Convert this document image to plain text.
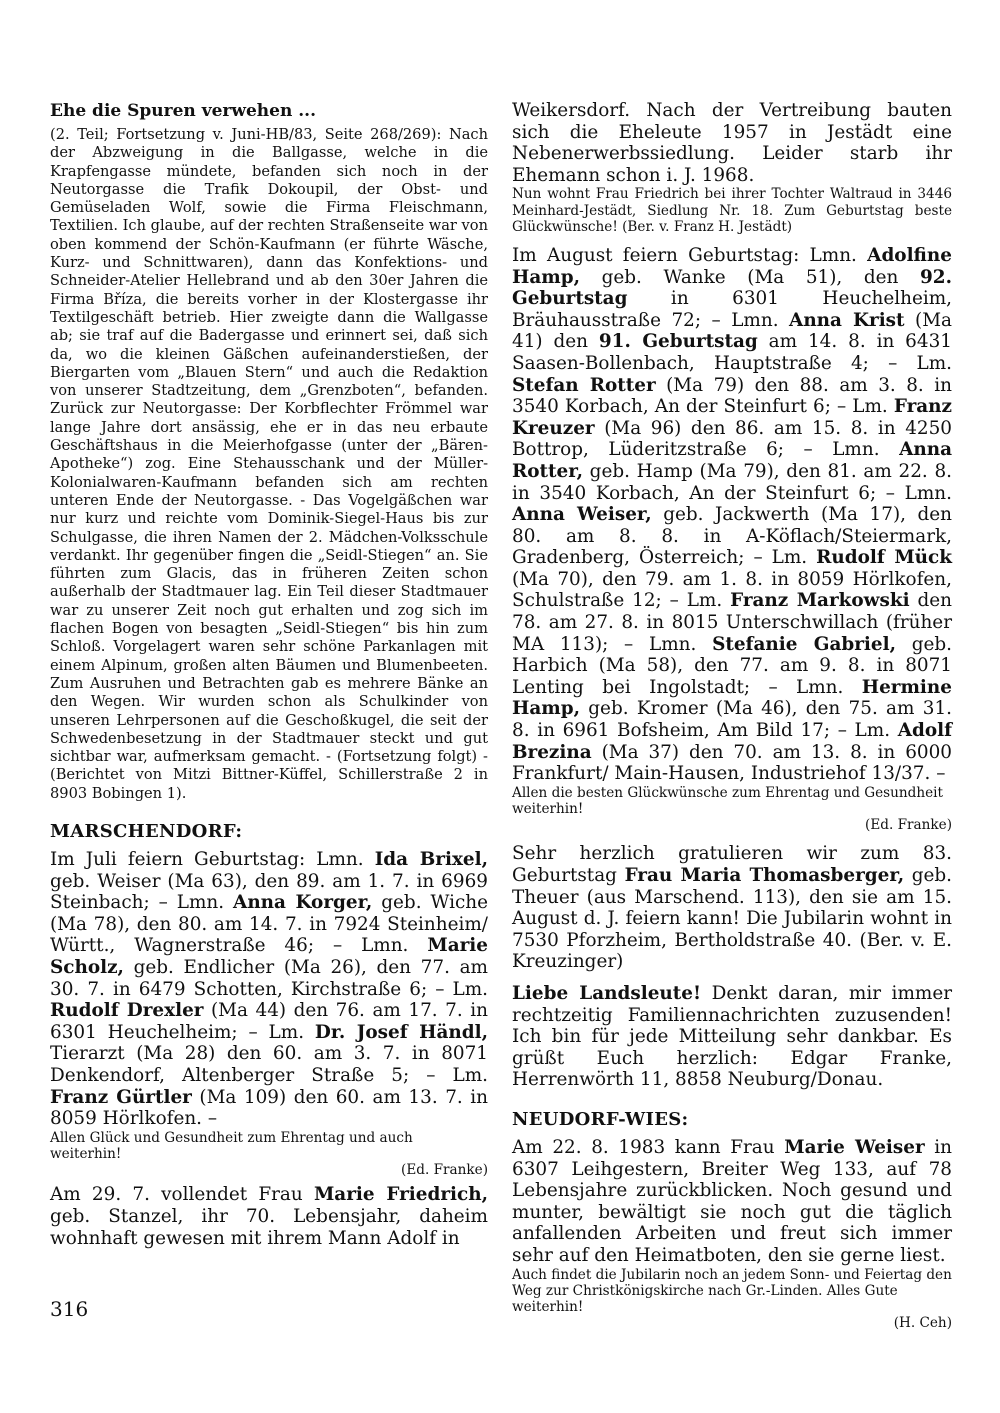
Ehe die Spuren verwehen ...

(2. Teil; Fortsetzung v. Juni-HB/83, Seite 268/269): Nach der Abzweigung in die Ballgasse, welche in die Krapfengasse mündete, befanden sich noch in der Neutorgasse die Trafik Dokoupil, der Obst- und Gemüseladen Wolf, sowie die Firma Fleischmann, Textilien. Ich glaube, auf der rechten Straßenseite war von oben kommend der Schön-Kaufmann (er führte Wäsche, Kurz- und Schnittwaren), dann das Konfektions- und Schneider-Atelier Hellebrand und ab den 30er Jahren die Firma Bříza, die bereits vorher in der Klostergasse ihr Textilgeschäft betrieb. Hier zweigte dann die Wallgasse ab; sie traf auf die Badergasse und erinnert sei, daß sich da, wo die kleinen Gäßchen aufeinanderstießen, der Biergarten vom „Blauen Stern“ und auch die Redaktion von unserer Stadtzeitung, dem „Grenzboten“, befanden. Zurück zur Neutorgasse: Der Korbflechter Frömmel war lange Jahre dort ansässig, ehe er in das neu erbaute Geschäftshaus in die Meierhofgasse (unter der „Bären-Apotheke“) zog. Eine Stehausschank und der Müller-Kolonialwaren-Kaufmann befanden sich am rechten unteren Ende der Neutorgasse. - Das Vogelgäßchen war nur kurz und reichte vom Dominik-Siegel-Haus bis zur Schulgasse, die ihren Namen der 2. Mädchen-Volksschule verdankt. Ihr gegenüber fingen die „Seidl-Stiegen“ an. Sie führten zum Glacis, das in früheren Zeiten schon außerhalb der Stadtmauer lag. Ein Teil dieser Stadtmauer war zu unserer Zeit noch gut erhalten und zog sich im flachen Bogen von besagten „Seidl-Stiegen“ bis hin zum Schloß. Vorgelagert waren sehr schöne Parkanlagen mit einem Alpinum, großen alten Bäumen und Blumenbeeten. Zum Ausruhen und Betrachten gab es mehrere Bänke an den Wegen. Wir wurden schon als Schulkinder von unseren Lehrpersonen auf die Geschoßkugel, die seit der Schwedenbesetzung in der Stadtmauer steckt und gut sichtbar war, aufmerksam gemacht. - (Fortsetzung folgt) - (Berichtet von Mitzi Bittner-Küffel, Schillerstraße 2 in 8903 Bobingen 1).

MARSCHENDORF:

Im Juli feiern Geburtstag: Lmn. Ida Brixel, geb. Weiser (Ma 63), den 89. am 1. 7. in 6969 Steinbach; – Lmn. Anna Korger, geb. Wiche (Ma 78), den 80. am 14. 7. in 7924 Steinheim/ Württ., Wagnerstraße 46; – Lmn. Marie Scholz, geb. Endlicher (Ma 26), den 77. am 30. 7. in 6479 Schotten, Kirchstraße 6; – Lm. Rudolf Drexler (Ma 44) den 76. am 17. 7. in 6301 Heuchelheim; – Lm. Dr. Josef Händl, Tierarzt (Ma 28) den 60. am 3. 7. in 8071 Denkendorf, Altenberger Straße 5; – Lm. Franz Gürtler (Ma 109) den 60. am 13. 7. in 8059 Hörlkofen. –

Allen Glück und Gesundheit zum Ehrentag und auch weiterhin!

(Ed. Franke)

Am 29. 7. vollendet Frau Marie Friedrich, geb. Stanzel, ihr 70. Lebensjahr, daheim wohnhaft gewesen mit ihrem Mann Adolf in

316

Weikersdorf. Nach der Vertreibung bauten sich die Eheleute 1957 in Jestädt eine Nebenerwerbssiedlung. Leider starb ihr Ehemann schon i. J. 1968.

Nun wohnt Frau Friedrich bei ihrer Tochter Waltraud in 3446 Meinhard-Jestädt, Siedlung Nr. 18. Zum Geburtstag beste Glückwünsche! (Ber. v. Franz H. Jestädt)

Im August feiern Geburtstag: Lmn. Adolfine Hamp, geb. Wanke (Ma 51), den 92. Geburtstag in 6301 Heuchelheim, Bräuhausstraße 72; – Lmn. Anna Krist (Ma 41) den 91. Geburtstag am 14. 8. in 6431 Saasen-Bollenbach, Hauptstraße 4; – Lm. Stefan Rotter (Ma 79) den 88. am 3. 8. in 3540 Korbach, An der Steinfurt 6; – Lm. Franz Kreuzer (Ma 96) den 86. am 15. 8. in 4250 Bottrop, Lüderitzstraße 6; – Lmn. Anna Rotter, geb. Hamp (Ma 79), den 81. am 22. 8. in 3540 Korbach, An der Steinfurt 6; – Lmn. Anna Weiser, geb. Jackwerth (Ma 17), den 80. am 8. 8. in A-Köflach/Steiermark, Gradenberg, Österreich; – Lm. Rudolf Mück (Ma 70), den 79. am 1. 8. in 8059 Hörlkofen, Schulstraße 12; – Lm. Franz Markowski den 78. am 27. 8. in 8015 Unterschwillach (früher MA 113); – Lmn. Stefanie Gabriel, geb. Harbich (Ma 58), den 77. am 9. 8. in 8071 Lenting bei Ingolstadt; – Lmn. Hermine Hamp, geb. Kromer (Ma 46), den 75. am 31. 8. in 6961 Bofsheim, Am Bild 17; – Lm. Adolf Brezina (Ma 37) den 70. am 13. 8. in 6000 Frankfurt/ Main-Hausen, Industriehof 13/37. –

Allen die besten Glückwünsche zum Ehrentag und Gesundheit weiterhin!

(Ed. Franke)

Sehr herzlich gratulieren wir zum 83. Geburtstag Frau Maria Thomasberger, geb. Theuer (aus Marschend. 113), den sie am 15. August d. J. feiern kann! Die Jubilarin wohnt in 7530 Pforzheim, Bertholdstraße 40. (Ber. v. E. Kreuzinger)

Liebe Landsleute! Denkt daran, mir immer rechtzeitig Familiennachrichten zuzusenden! Ich bin für jede Mitteilung sehr dankbar. Es grüßt Euch herzlich: Edgar Franke, Herrenwörth 11, 8858 Neuburg/Donau.

NEUDORF-WIES:

Am 22. 8. 1983 kann Frau Marie Weiser in 6307 Leihgestern, Breiter Weg 133, auf 78 Lebensjahre zurückblicken. Noch gesund und munter, bewältigt sie noch gut die täglich anfallenden Arbeiten und freut sich immer sehr auf den Heimatboten, den sie gerne liest.

Auch findet die Jubilarin noch an jedem Sonn- und Feiertag den Weg zur Christkönigskirche nach Gr.-Linden. Alles Gute weiterhin!

(H. Ceh)
